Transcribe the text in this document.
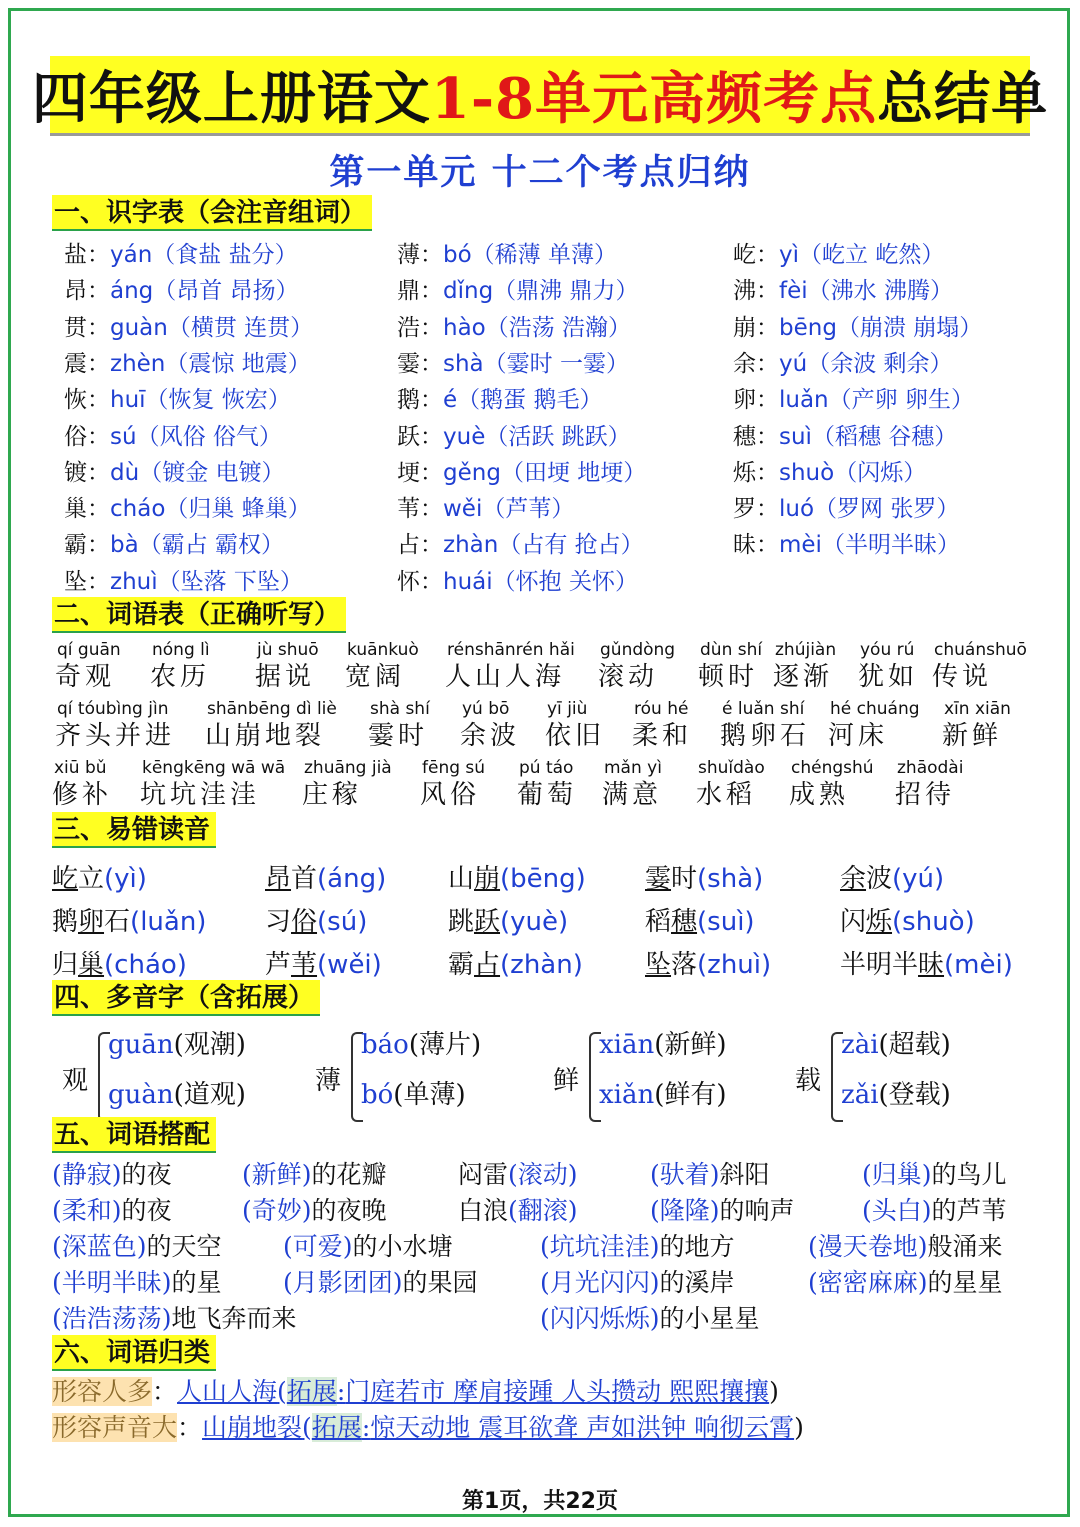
四年级上册语文1-8单元高频考点总结单
第一单元 十二个考点归纳
一、识字表（会注音组词）
盐：yán（食盐 盐分）
昂：áng（昂首 昂扬）
贯：guàn（横贯 连贯）
震：zhèn（震惊 地震）
恢：huī（恢复 恢宏）
俗：sú（风俗 俗气）
镀：dù（镀金 电镀）
巢：cháo（归巢 蜂巢）
霸：bà（霸占 霸权）
坠：zhuì（坠落 下坠）
薄：bó（稀薄 单薄）
鼎：dǐng（鼎沸 鼎力）
浩：hào（浩荡 浩瀚）
霎：shà（霎时 一霎）
鹅：é（鹅蛋 鹅毛）
跃：yuè（活跃 跳跃）
埂：gěng（田埂 地埂）
苇：wěi（芦苇）
占：zhàn（占有 抢占）
怀：huái（怀抱 关怀）
屹：yì（屹立 屹然）
沸：fèi（沸水 沸腾）
崩：bēng（崩溃 崩塌）
余：yú（余波 剩余）
卵：luǎn（产卵 卵生）
穗：suì（稻穗 谷穗）
烁：shuò（闪烁）
罗：luó（罗网 张罗）
昧：mèi（半明半昧）
二、词语表（正确听写）
qí guān
奇观
nóng lì
农历
jù shuō
据说
kuānkuò
宽阔
rénshānrén hǎi
人山人海
gǔndòng
滚动
dùn shí
顿时
zhújiàn
逐渐
yóu rú
犹如
chuánshuō
传说
qí tóubìng jìn
齐头并进
shānbēng dì liè
山崩地裂
shà shí
霎时
yú bō
余波
yī jiù
依旧
róu hé
柔和
é luǎn shí
鹅卵石
hé chuáng
河床
xīn xiān
新鲜
xiū bǔ
修补
kēngkēng wā wā
坑坑洼洼
zhuāng jià
庄稼
fēng sú
风俗
pú táo
葡萄
mǎn yì
满意
shuǐdào
水稻
chéngshú
成熟
zhāodài
招待
三、易错读音
屹立(yì)	昂首(áng) 山崩(bēng) 霎时(shà)	余波(yú)
鹅卵石(luǎn) 习俗(sú)	跳跃(yuè)	稻穗(suì)	闪烁(shuò)
归巢(cháo)	芦苇(wěi)	霸占(zhàn) 坠落(zhuì)	半明半昧(mèi)
四、多音字（含拓展）
观
guān(观潮)
guàn(道观)	薄
báo(薄片)
bó(单薄)	鲜
xiān(新鲜)
xiǎn(鲜有)	载
zài(超载)
zǎi(登载)
五、词语搭配
(静寂)的夜	(新鲜)的花瓣	闷雷(滚动)	(驮着)斜阳	(归巢)的鸟儿
(柔和)的夜	(奇妙)的夜晚	白浪(翻滚)	(隆隆)的响声	(头白)的芦苇
(深蓝色)的天空 (可爱)的小水塘	(坑坑洼洼)的地方	(漫天卷地)般涌来
(半明半昧)的星 (月影团团)的果园 (月光闪闪)的溪岸	(密密麻麻)的星星
(浩浩荡荡)地飞奔而来	(闪闪烁烁)的小星星
六、词语归类
形容人多：人山人海(拓展:门庭若市 摩肩接踵 人头攒动 熙熙攘攘)
形容声音大：山崩地裂(拓展:惊天动地 震耳欲聋 声如洪钟 响彻云霄)
第1页，共22页
